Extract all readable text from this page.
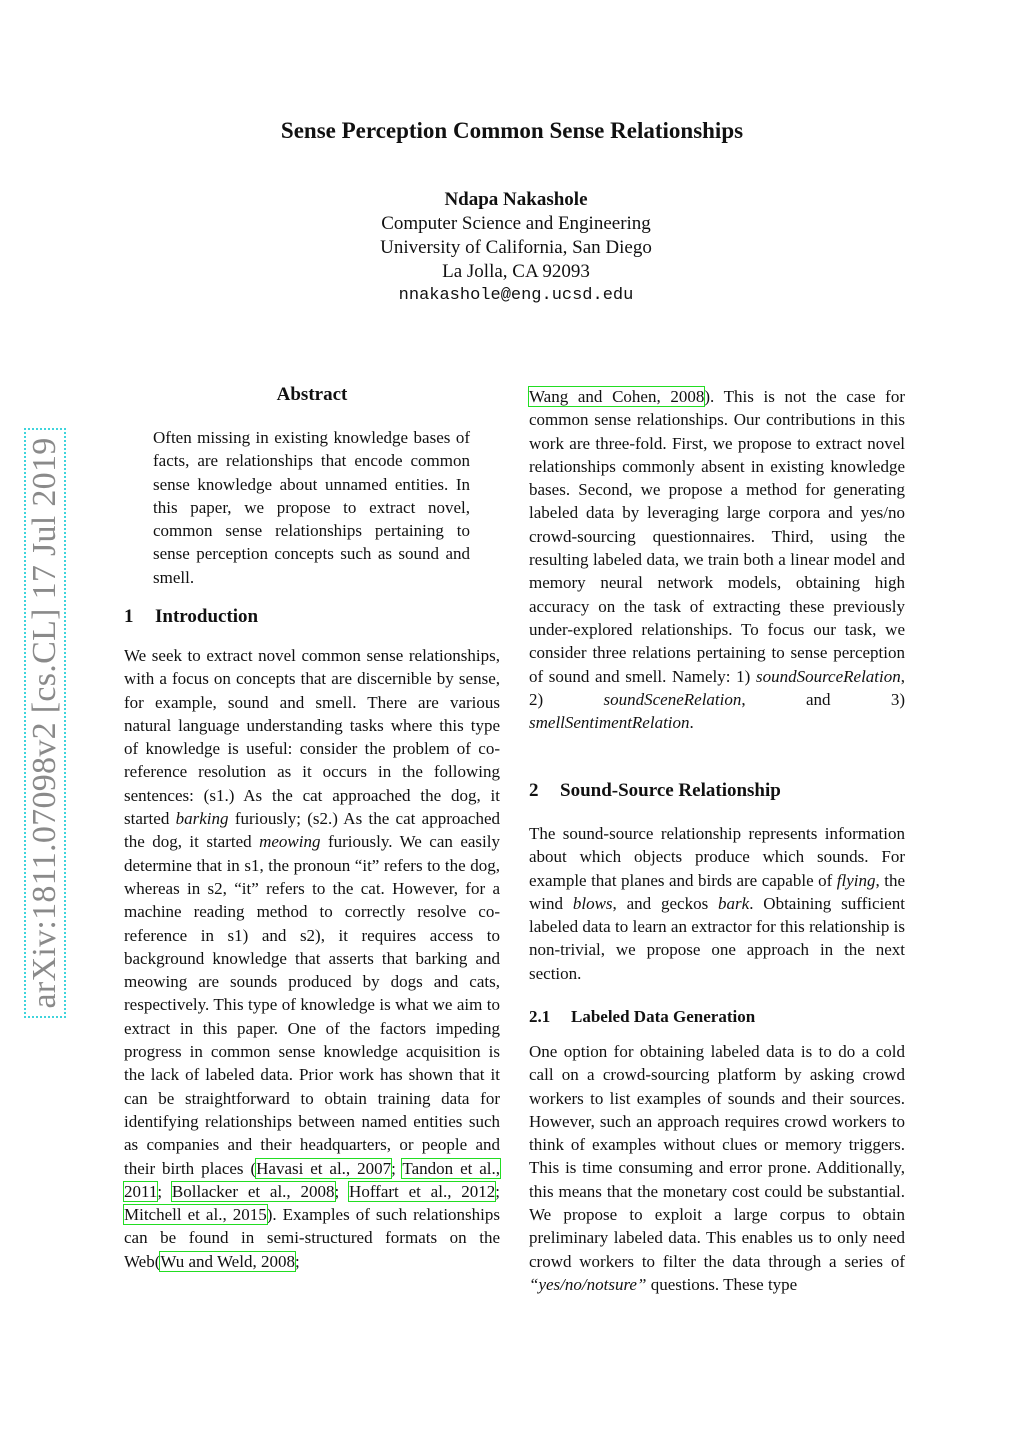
Sense Perception Common Sense Relationships
Ndapa Nakashole
Computer Science and Engineering
University of California, San Diego
La Jolla, CA 92093
nnakashole@eng.ucsd.edu
arXiv:1811.07098v2 [cs.CL] 17 Jul 2019
Abstract
Often missing in existing knowledge bases of facts, are relationships that encode common sense knowledge about unnamed entities. In this paper, we propose to extract novel, common sense relationships pertaining to sense perception concepts such as sound and smell.
1 Introduction

We seek to extract novel common sense relationships, with a focus on concepts that are discernible by sense, for example, sound and smell. There are various natural language understanding tasks where this type of knowledge is useful: consider the problem of co-reference resolution as it occurs in the following sentences: (s1.) As the cat approached the dog, it started barking furiously; (s2.) As the cat approached the dog, it started meowing furiously. We can easily determine that in s1, the pronoun “it” refers to the dog, whereas in s2, “it” refers to the cat. However, for a machine reading method to correctly resolve co-reference in s1) and s2), it requires access to background knowledge that asserts that barking and meowing are sounds produced by dogs and cats, respectively. This type of knowledge is what we aim to extract in this paper. One of the factors impeding progress in common sense knowledge acquisition is the lack of labeled data. Prior work has shown that it can be straightforward to obtain training data for identifying relationships between named entities such as companies and their headquarters, or people and their birth places (Havasi et al., 2007; Tandon et al., 2011; Bollacker et al., 2008; Hoffart et al., 2012; Mitchell et al., 2015). Examples of such relationships can be found in semi-structured formats on the Web(Wu and Weld, 2008;

Wang and Cohen, 2008). This is not the case for common sense relationships. Our contributions in this work are three-fold. First, we propose to extract novel relationships commonly absent in existing knowledge bases. Second, we propose a method for generating labeled data by leveraging large corpora and yes/no crowd-sourcing questionnaires. Third, using the resulting labeled data, we train both a linear model and memory neural network models, obtaining high accuracy on the task of extracting these previously under-explored relationships. To focus our task, we consider three relations pertaining to sense perception of sound and smell. Namely: 1) soundSourceRelation, 2)	soundSceneRelation, and 3) smellSentimentRelation.

2 Sound-Source Relationship

The sound-source relationship represents information about which objects produce which sounds. For example that planes and birds are capable of flying, the wind blows, and geckos bark. Obtaining sufficient labeled data to learn an extractor for this relationship is non-trivial, we propose one approach in the next section.

2.1 Labeled Data Generation

One option for obtaining labeled data is to do a cold call on a crowd-sourcing platform by asking crowd workers to list examples of sounds and their sources. However, such an approach requires crowd workers to think of examples without clues or memory triggers. This is time consuming and error prone. Additionally, this means that the monetary cost could be substantial. We propose to exploit a large corpus to obtain preliminary labeled data. This enables us to only need crowd workers to filter the data through a series of “yes/no/notsure” questions. These type
